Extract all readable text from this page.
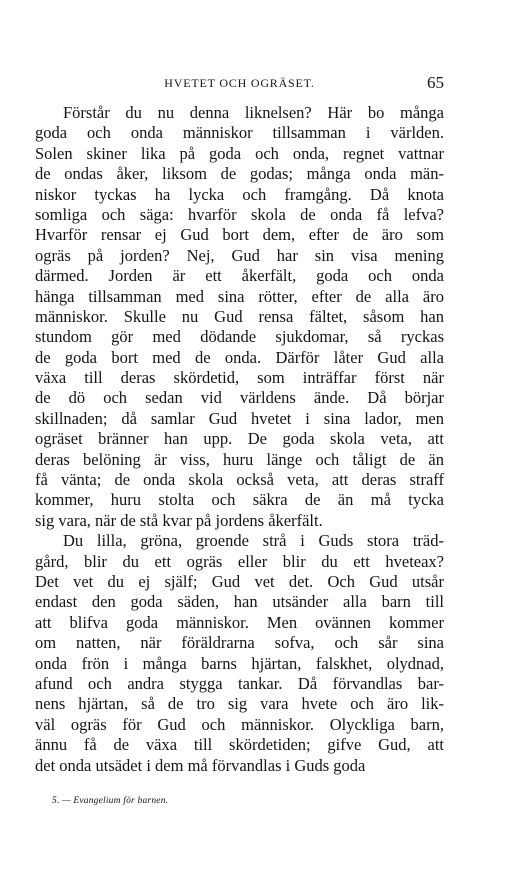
HVETET OCH OGRÄSET.	65
Förstår du nu denna liknelsen? Här bo många
goda och onda människor tillsamman i världen.
Solen skiner lika på goda och onda, regnet vattnar
de ondas åker, liksom de godas; många onda män-
niskor tyckas ha lycka och framgång. Då knota
somliga och säga: hvarför skola de onda få lefva?
Hvarför rensar ej Gud bort dem, efter de äro som
ogräs på jorden? Nej, Gud har sin visa mening
därmed. Jorden är ett åkerfält, goda och onda
hänga tillsamman med sina rötter, efter de alla äro
människor. Skulle nu Gud rensa fältet, såsom han
stundom gör med dödande sjukdomar, så ryckas
de goda bort med de onda. Därför låter Gud alla
växa till deras skördetid, som inträffar först när
de dö och sedan vid världens ände. Då börjar
skillnaden; då samlar Gud hvetet i sina lador, men
ogräset bränner han upp. De goda skola veta, att
deras belöning är viss, huru länge och tåligt de än
få vänta; de onda skola också veta, att deras straff
kommer, huru stolta och säkra de än må tycka
sig vara, när de stå kvar på jordens åkerfält.
Du lilla, gröna, groende strå i Guds stora träd-
gård, blir du ett ogräs eller blir du ett hveteax?
Det vet du ej själf; Gud vet det. Och Gud utsår
endast den goda säden, han utsänder alla barn till
att blifva goda människor. Men ovännen kommer
om natten, när föräldrarna sofva, och sår sina
onda frön i många barns hjärtan, falskhet, olydnad,
afund och andra stygga tankar. Då förvandlas bar-
nens hjärtan, så de tro sig vara hvete och äro lik-
väl ogräs för Gud och människor. Olyckliga barn,
ännu få de växa till skördetiden; gifve Gud, att
det onda utsädet i dem må förvandlas i Guds goda
5. — Evangelium för barnen.
